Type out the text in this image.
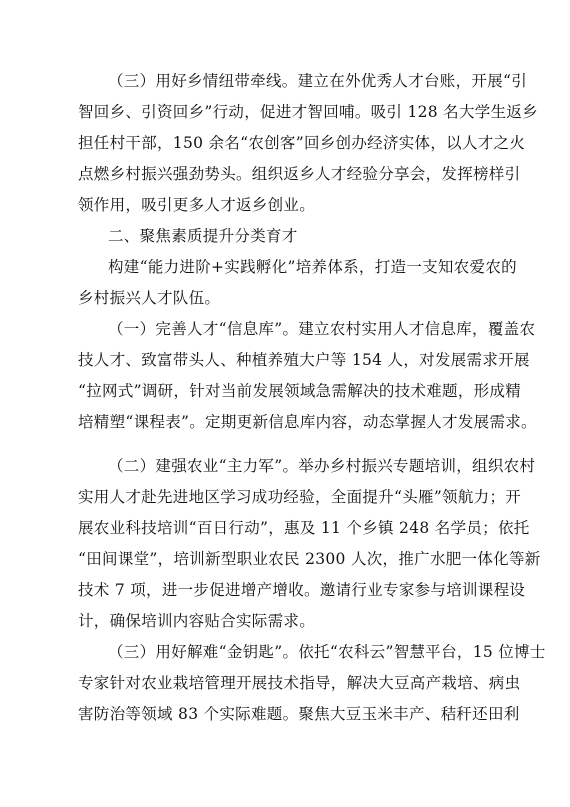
（三）用好乡情纽带牵线。建立在外优秀人才台账，开展“引
智回乡、引资回乡”行动，促进才智回哺。吸引 128 名大学生返乡
担任村干部，150 余名“农创客”回乡创办经济实体，以人才之火
点燃乡村振兴强劲势头。组织返乡人才经验分享会，发挥榜样引
领作用，吸引更多人才返乡创业。
二、聚焦素质提升分类育才
构建“能力进阶+实践孵化”培养体系，打造一支知农爱农的
乡村振兴人才队伍。
（一）完善人才“信息库”。建立农村实用人才信息库，覆盖农
技人才、致富带头人、种植养殖大户等 154 人，对发展需求开展
“拉网式”调研，针对当前发展领域急需解决的技术难题，形成精
培精塑“课程表”。定期更新信息库内容，动态掌握人才发展需求。
（二）建强农业“主力军”。举办乡村振兴专题培训，组织农村
实用人才赴先进地区学习成功经验，全面提升“头雁”领航力；开
展农业科技培训“百日行动”，惠及 11 个乡镇 248 名学员；依托
“田间课堂”，培训新型职业农民 2300 人次，推广水肥一体化等新
技术 7 项，进一步促进增产增收。邀请行业专家参与培训课程设
计，确保培训内容贴合实际需求。
（三）用好解难“金钥匙”。依托“农科云”智慧平台，15 位博士
专家针对农业栽培管理开展技术指导，解决大豆高产栽培、病虫
害防治等领域 83 个实际难题。聚焦大豆玉米丰产、秸秆还田利
